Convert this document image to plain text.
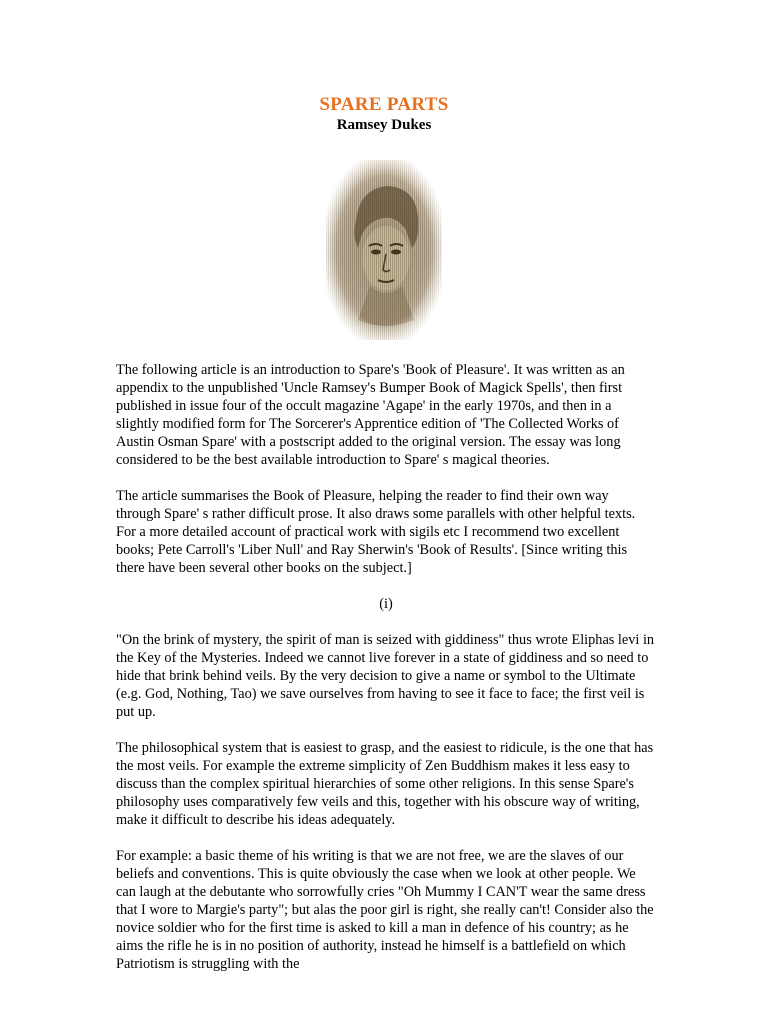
SPARE PARTS
Ramsey Dukes

The following article is an introduction to Spare's 'Book of Pleasure'. It was written as an appendix to the unpublished 'Uncle Ramsey's Bumper Book of Magick Spells', then first published in issue four of the occult magazine 'Agape' in the early 1970s, and then in a slightly modified form for The Sorcerer's Apprentice edition of 'The Collected Works of Austin Osman Spare' with a postscript added to the original version. The essay was long considered to be the best available introduction to Spare' s magical theories.

The article summarises the Book of Pleasure, helping the reader to find their own way through Spare' s rather difficult prose. It also draws some parallels with other helpful texts. For a more detailed account of practical work with sigils etc I recommend two excellent books; Pete Carroll's 'Liber Null' and Ray Sherwin's 'Book of Results'. [Since writing this there have been several other books on the subject.]

(i)

"On the brink of mystery, the spirit of man is seized with giddiness" thus wrote Eliphas levi in the Key of the Mysteries. Indeed we cannot live forever in a state of giddiness and so need to hide that brink behind veils. By the very decision to give a name or symbol to the Ultimate (e.g. God, Nothing, Tao) we save ourselves from having to see it face to face; the first veil is put up.

The philosophical system that is easiest to grasp, and the easiest to ridicule, is the one that has the most veils. For example the extreme simplicity of Zen Buddhism makes it less easy to discuss than the complex spiritual hierarchies of some other religions. In this sense Spare's philosophy uses comparatively few veils and this, together with his obscure way of writing, make it difficult to describe his ideas adequately.

For example: a basic theme of his writing is that we are not free, we are the slaves of our beliefs and conventions. This is quite obviously the case when we look at other people. We can laugh at the debutante who sorrowfully cries "Oh Mummy I CAN'T wear the same dress that I wore to Margie's party"; but alas the poor girl is right, she really can't! Consider also the novice soldier who for the first time is asked to kill a man in defence of his country; as he aims the rifle he is in no position of authority, instead he himself is a battlefield on which Patriotism is struggling with the
